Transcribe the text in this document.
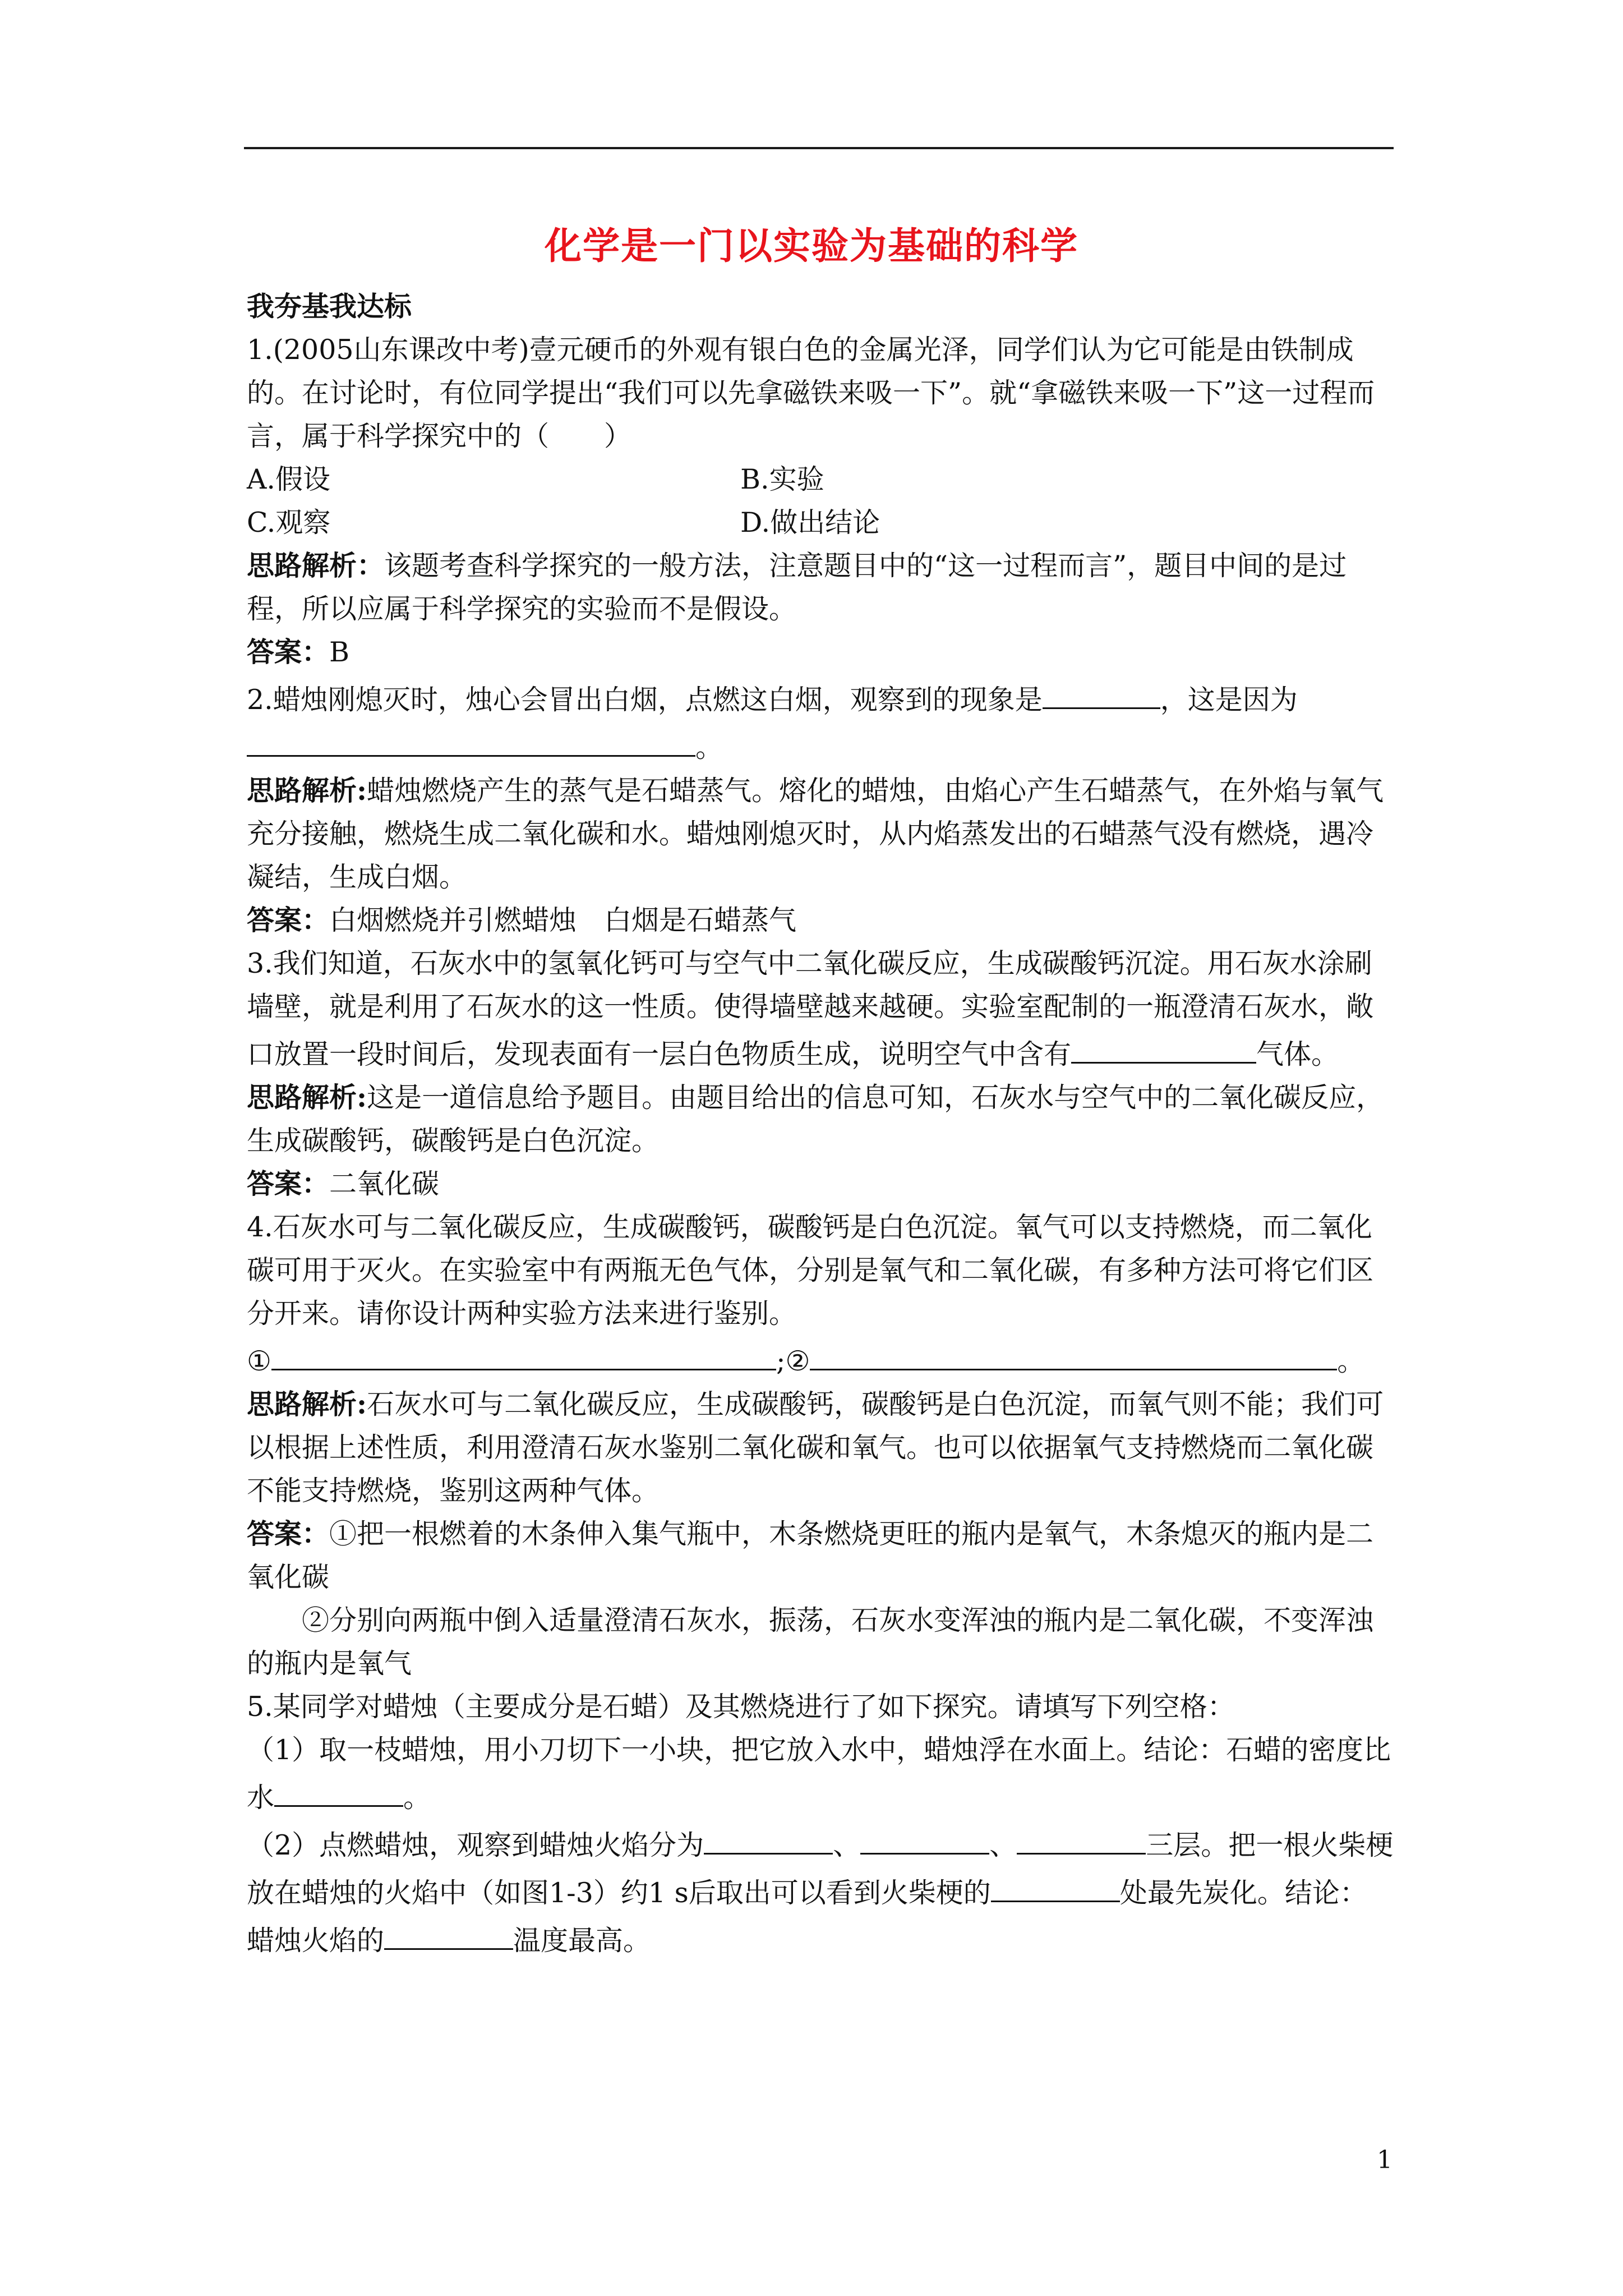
化学是一门以实验为基础的科学

我夯基我达标

1.(2005山东课改中考)壹元硬币的外观有银白色的金属光泽，同学们认为它可能是由铁制成的。在讨论时，有位同学提出“我们可以先拿磁铁来吸一下”。就“拿磁铁来吸一下”这一过程而言，属于科学探究中的（　　）

A.假设	B.实验

C.观察	D.做出结论

思路解析：该题考查科学探究的一般方法，注意题目中的“这一过程而言”，题目中间的是过程，所以应属于科学探究的实验而不是假设。

答案：B

2.蜡烛刚熄灭时，烛心会冒出白烟，点燃这白烟，观察到的现象是	，这是因为

。

思路解析:蜡烛燃烧产生的蒸气是石蜡蒸气。熔化的蜡烛，由焰心产生石蜡蒸气，在外焰与氧气充分接触，燃烧生成二氧化碳和水。蜡烛刚熄灭时，从内焰蒸发出的石蜡蒸气没有燃烧，遇冷凝结，生成白烟。

答案：白烟燃烧并引燃蜡烛　白烟是石蜡蒸气

3.我们知道，石灰水中的氢氧化钙可与空气中二氧化碳反应，生成碳酸钙沉淀。用石灰水涂刷墙壁，就是利用了石灰水的这一性质。使得墙壁越来越硬。实验室配制的一瓶澄清石灰水，敞口放置一段时间后，发现表面有一层白色物质生成，说明空气中含有	气体。

思路解析:这是一道信息给予题目。由题目给出的信息可知，石灰水与空气中的二氧化碳反应，生成碳酸钙，碳酸钙是白色沉淀。

答案：二氧化碳

4.石灰水可与二氧化碳反应，生成碳酸钙，碳酸钙是白色沉淀。氧气可以支持燃烧，而二氧化碳可用于灭火。在实验室中有两瓶无色气体，分别是氧气和二氧化碳，有多种方法可将它们区分开来。请你设计两种实验方法来进行鉴别。

①	;②	。

思路解析:石灰水可与二氧化碳反应，生成碳酸钙，碳酸钙是白色沉淀，而氧气则不能；我们可以根据上述性质，利用澄清石灰水鉴别二氧化碳和氧气。也可以依据氧气支持燃烧而二氧化碳不能支持燃烧，鉴别这两种气体。

答案：①把一根燃着的木条伸入集气瓶中，木条燃烧更旺的瓶内是氧气，木条熄灭的瓶内是二氧化碳

②分别向两瓶中倒入适量澄清石灰水，振荡，石灰水变浑浊的瓶内是二氧化碳，不变浑浊的瓶内是氧气

5.某同学对蜡烛（主要成分是石蜡）及其燃烧进行了如下探究。请填写下列空格：

（1）取一枝蜡烛，用小刀切下一小块，把它放入水中，蜡烛浮在水面上。结论：石蜡的密度比水	。

（2）点燃蜡烛，观察到蜡烛火焰分为	、	、	三层。把一根火柴梗放在蜡烛的火焰中（如图1-3）约1 s后取出可以看到火柴梗的	处最先炭化。结论：蜡烛火焰的	温度最高。

1
